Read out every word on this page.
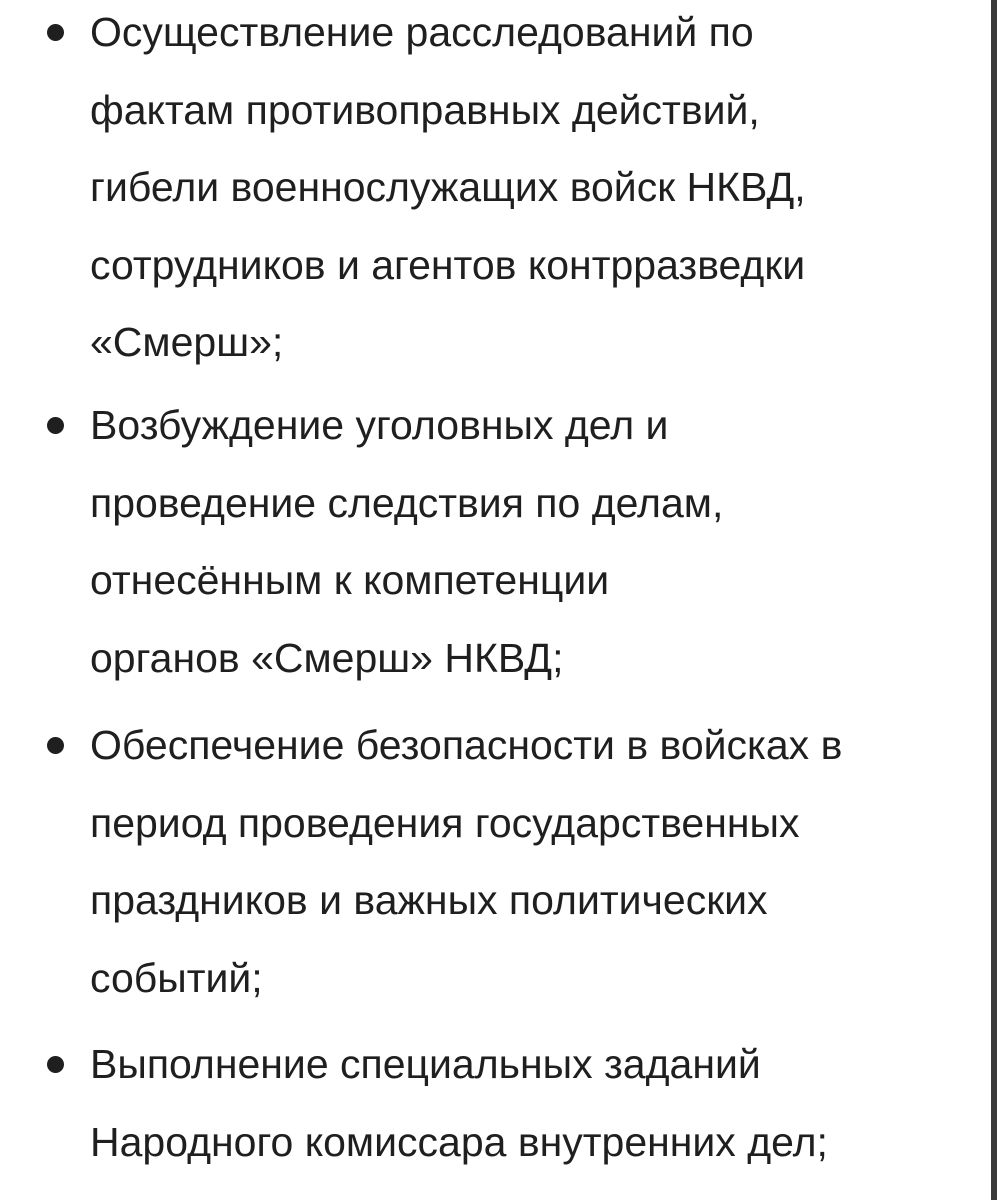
Осуществление расследований по
фактам противоправных действий,
гибели военнослужащих войск НКВД,
сотрудников и агентов контрразведки
«Смерш»;
Возбуждение уголовных дел и
проведение следствия по делам,
отнесённым к компетенции
органов «Смерш» НКВД;
Обеспечение безопасности в войсках в
период проведения государственных
праздников и важных политических
событий;
Выполнение специальных заданий
Народного комиссара внутренних дел;
